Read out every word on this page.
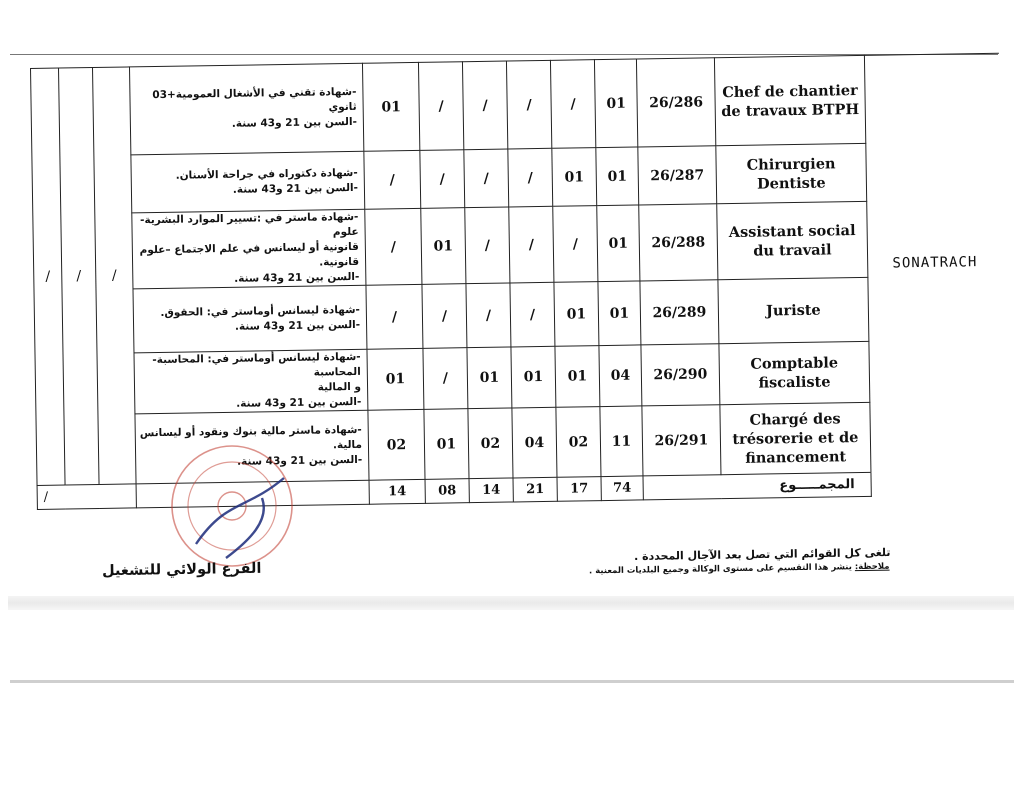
/	/	/	-شهادة تقني في الأشغال العمومية+03 ثانوي
-السن بين 21 و43 سنة.	01	/	/	/	/	01	26/286	Chef de chantier de travaux BTPH	SONATRACH

			-شهادة دكتوراه في جراحة الأسنان.
-السن بين 21 و43 سنة.	/	/	/	/	01	01	26/287	Chirurgien Dentiste	

			-شهادة ماستر في :تسيير الموارد البشرية-علوم
قانونية أو ليسانس في علم الاجتماع –علوم قانونية.
-السن بين 21 و43 سنة.	/	01	/	/	/	01	26/288	Assistant social du travail	

			-شهادة ليسانس أوماستر في: الحقوق.
-السن بين 21 و43 سنة.	/	/	/	/	01	01	26/289	Juriste	

			-شهادة ليسانس أوماستر في: المحاسبة-المحاسبة
و المالية
-السن بين 21 و43 سنة.	01	/	01	01	01	04	26/290	Comptable fiscaliste	

			-شهادة ماستر مالية بنوك ونقود أو ليسانس مالية.
-السن بين 21 و43 سنة.	02	01	02	04	02	11	26/291	Chargé des trésorerie et de financement	
/				14	08	14	21	17	74	المجمـــــوع		
تلغى كل القوائم التي تصل بعد الآجال المحددة .
ملاحظة: ينشر هذا التقسيم على مستوى الوكالة وجميع البلديات المعنية .
الفرع الولائي للتشغيل
